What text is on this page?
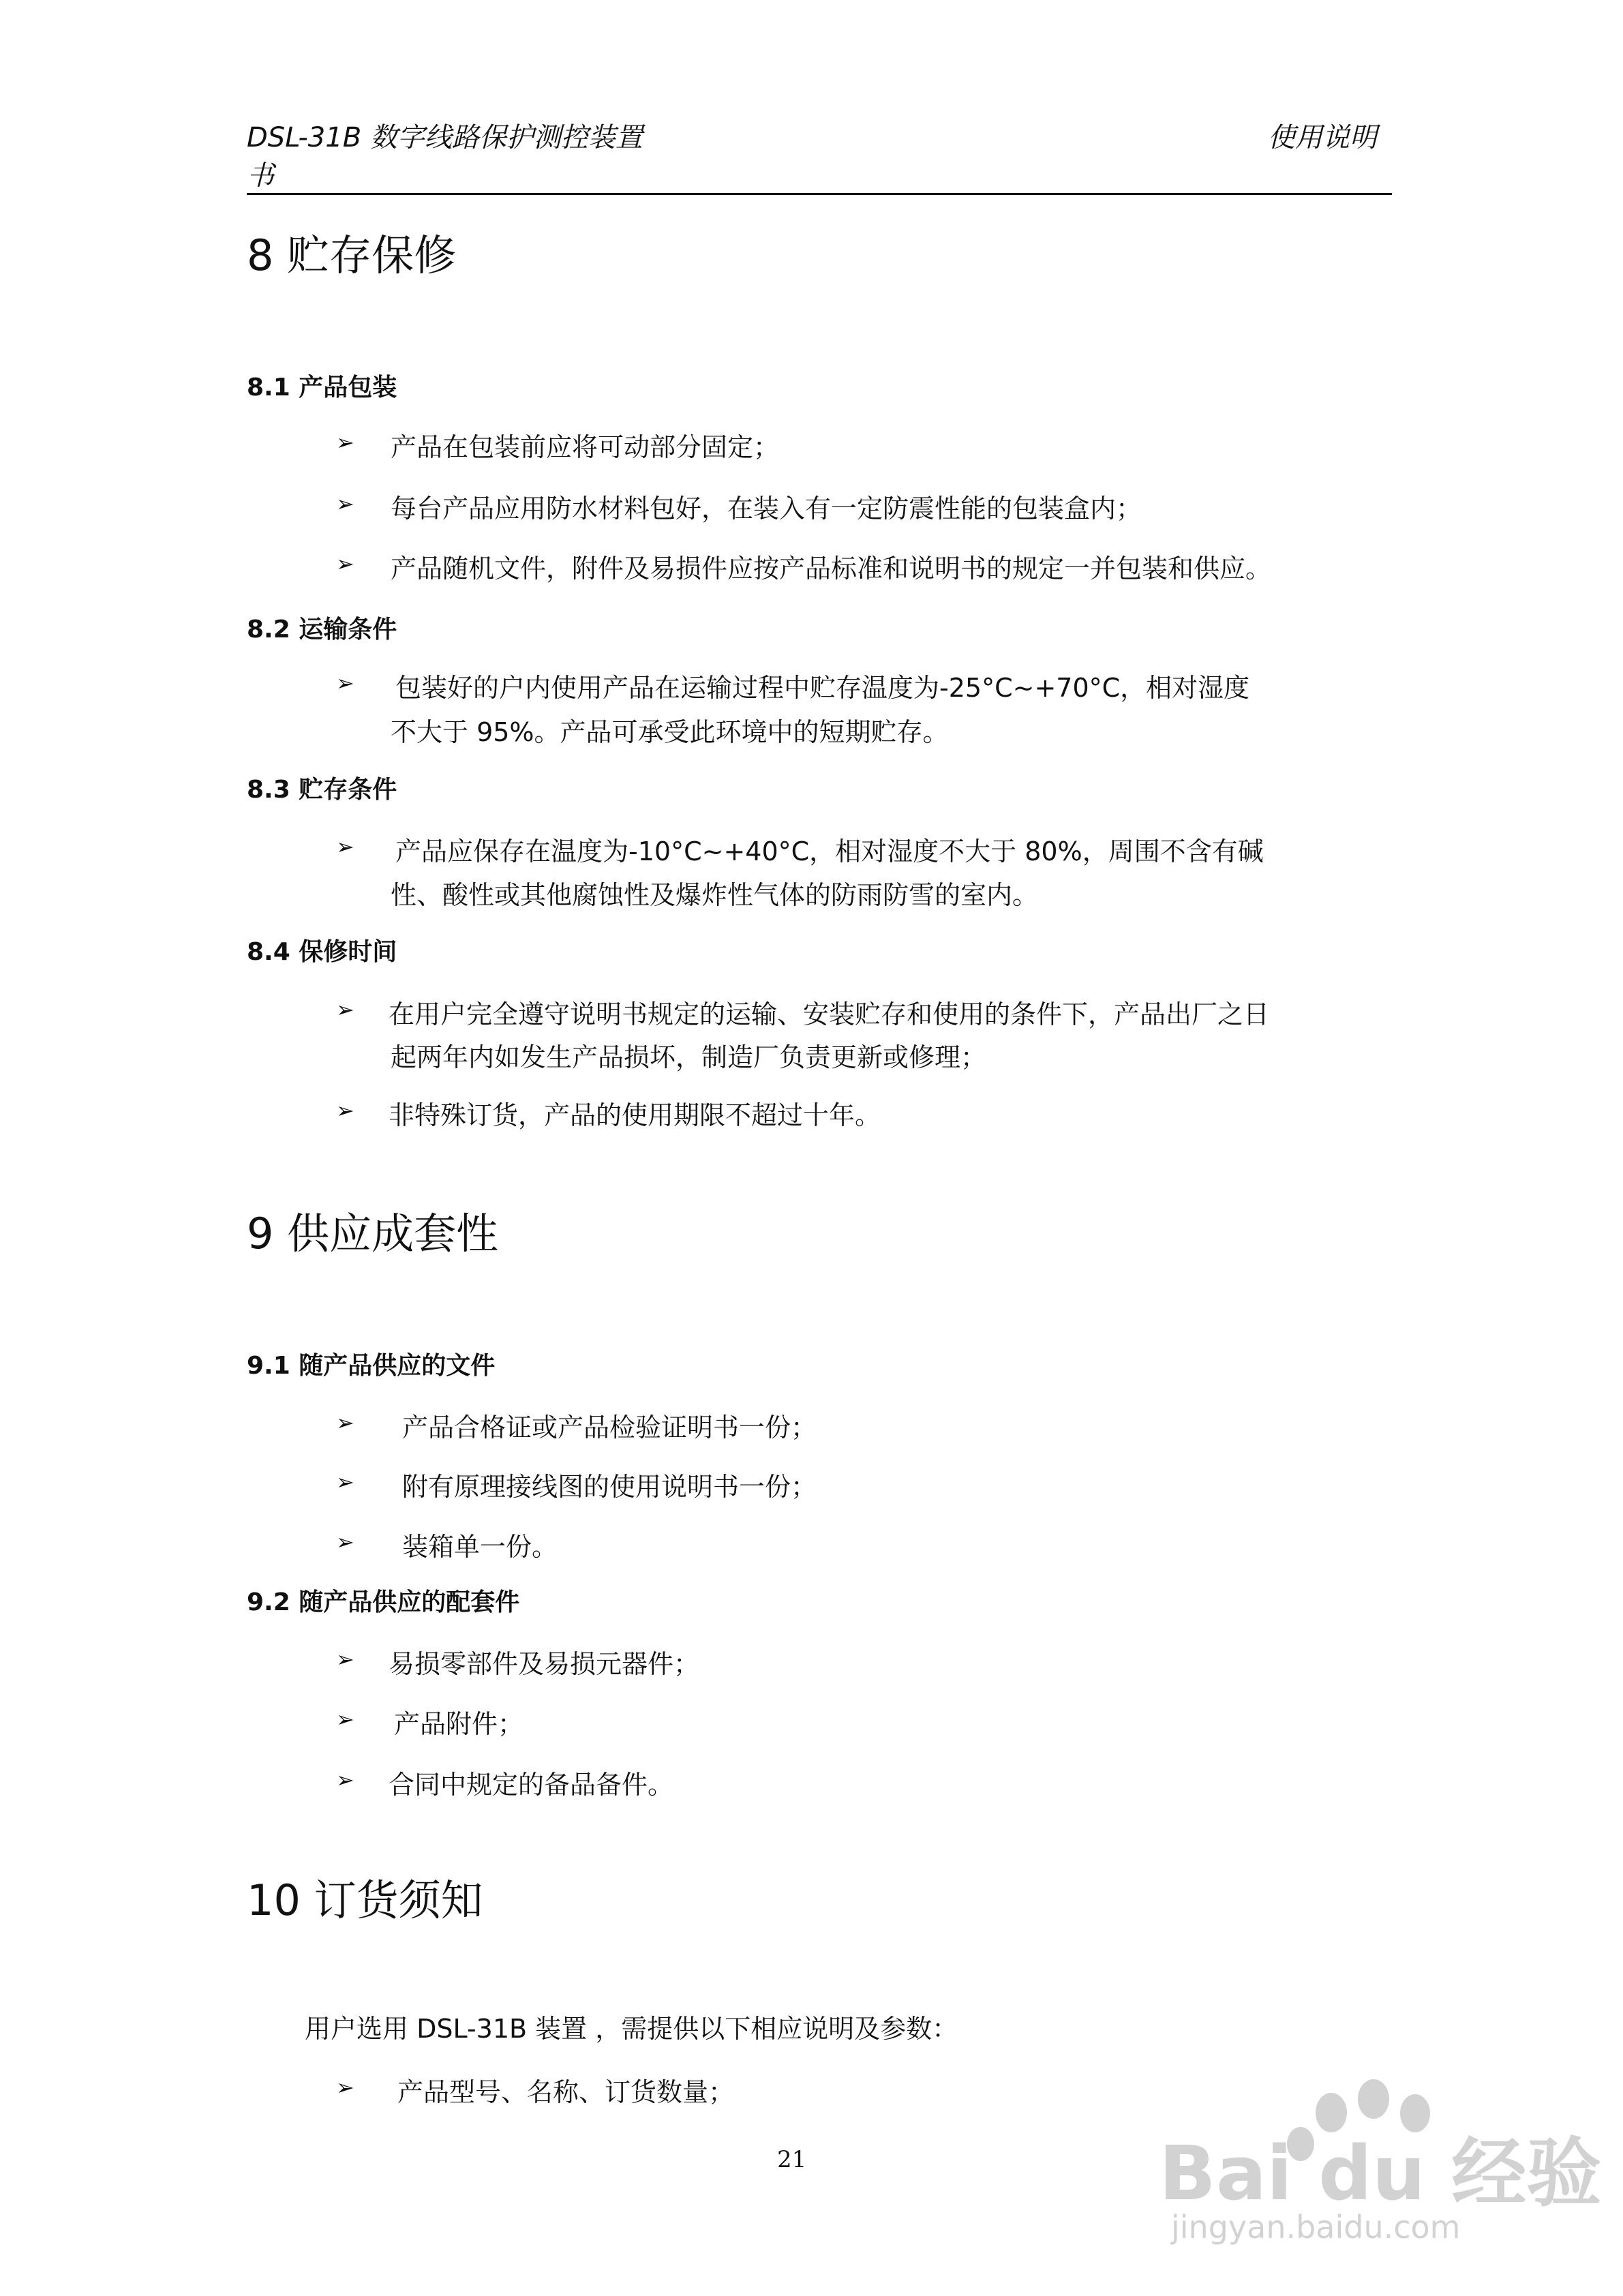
DSL-31B 数字线路保护测控装置
书
使用说明
8 贮存保修
8.1 产品包装
➢ 产品在包装前应将可动部分固定；
➢ 每台产品应用防水材料包好，在装入有一定防震性能的包装盒内；
➢ 产品随机文件，附件及易损件应按产品标准和说明书的规定一并包装和供应。
8.2 运输条件
➢ 包装好的户内使用产品在运输过程中贮存温度为-25°C~+70°C，相对湿度
不大于 95%。产品可承受此环境中的短期贮存。
8.3 贮存条件
➢ 产品应保存在温度为-10°C~+40°C，相对湿度不大于 80%，周围不含有碱
性、酸性或其他腐蚀性及爆炸性气体的防雨防雪的室内。
8.4 保修时间
➢ 在用户完全遵守说明书规定的运输、安装贮存和使用的条件下，产品出厂之日
起两年内如发生产品损坏，制造厂负责更新或修理；
➢ 非特殊订货，产品的使用期限不超过十年。
9 供应成套性
9.1 随产品供应的文件
➢ 产品合格证或产品检验证明书一份；
➢ 附有原理接线图的使用说明书一份；
➢ 装箱单一份。
9.2 随产品供应的配套件
➢ 易损零部件及易损元器件；
➢ 产品附件；
➢ 合同中规定的备品备件。
10 订货须知
用户选用 DSL-31B 装置 ，需提供以下相应说明及参数：
➢ 产品型号、名称、订货数量；
21	Bai du 经验
jingyan.baidu.com
